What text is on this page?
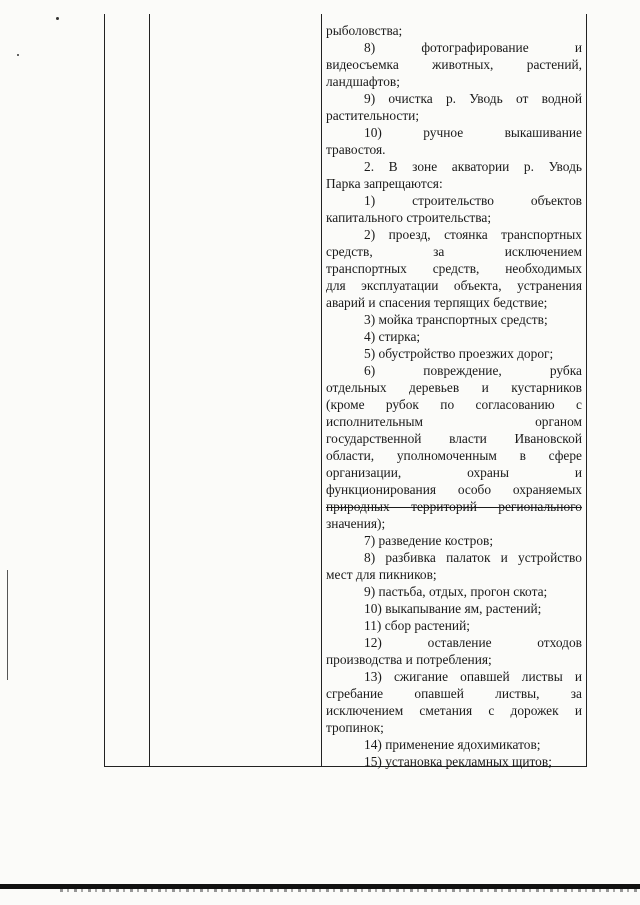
рыболовства;

8) фотографирование и

видеосъемка животных, растений,

ландшафтов;

9) очистка р. Уводь от водной

растительности;

10) ручное выкашивание

травостоя.

2. В зоне акватории р. Уводь

Парка запрещаются:

1) строительство объектов

капитального строительства;

2) проезд, стоянка транспортных

средств, за исключением

транспортных средств, необходимых

для эксплуатации объекта, устранения

аварий и спасения терпящих бедствие;

3) мойка транспортных средств;

4) стирка;

5) обустройство проезжих дорог;

6) повреждение, рубка

отдельных деревьев и кустарников

(кроме рубок по согласованию с

исполнительным органом

государственной власти Ивановской

области, уполномоченным в сфере

организации, охраны и

функционирования особо охраняемых

природных территорий регионального

значения);

7) разведение костров;

8) разбивка палаток и устройство

мест для пикников;

9) пастьба, отдых, прогон скота;

10) выкапывание ям, растений;

11) сбор растений;

12) оставление отходов

производства и потребления;

13) сжигание опавшей листвы и

сгребание опавшей листвы, за

исключением сметания с дорожек и

тропинок;

14) применение ядохимикатов;

15) установка рекламных щитов;
